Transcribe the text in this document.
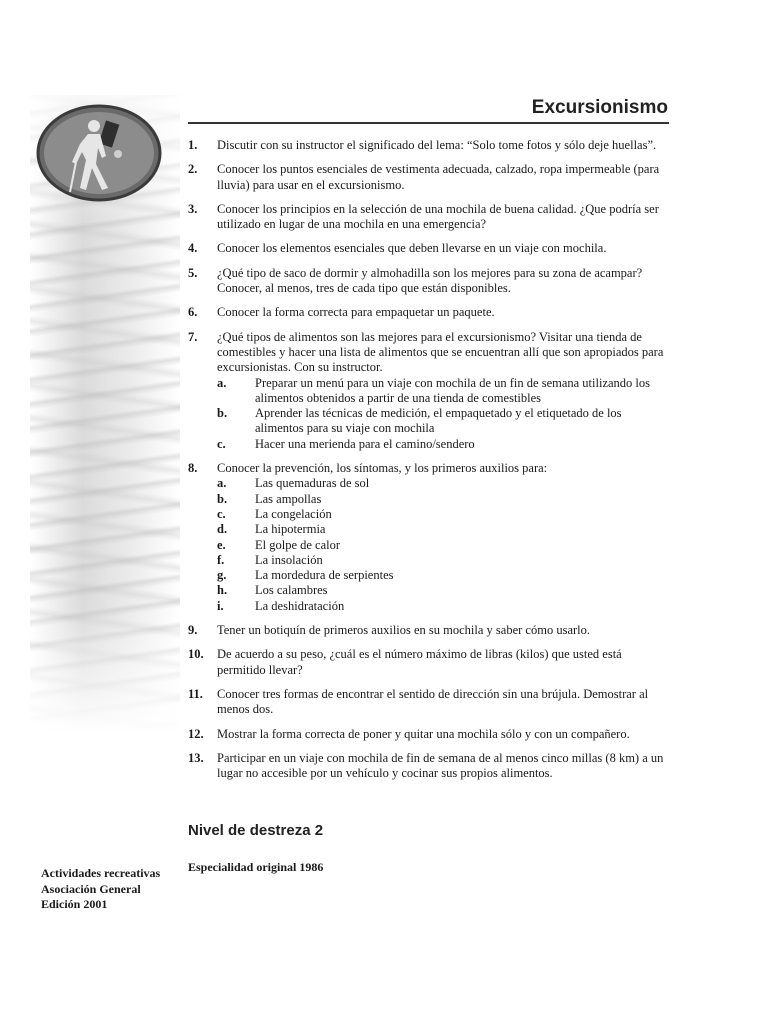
Excursionismo
1.	Discutir con su instructor el significado del lema: “Solo tome fotos y sólo deje huellas”.
2.	Conocer los puntos esenciales de vestimenta adecuada, calzado, ropa impermeable (para lluvia) para usar en el excursionismo.
3.	Conocer los principios en la selección de una mochila de buena calidad. ¿Que podría ser utilizado en lugar de una mochila en una emergencia?
4.	Conocer los elementos esenciales que deben llevarse en un viaje con mochila.
5.	¿Qué tipo de saco de dormir y almohadilla son los mejores para su zona de acampar? Conocer, al menos, tres de cada tipo que están disponibles.
6.	Conocer la forma correcta para empaquetar un paquete.
7.	¿Qué tipos de alimentos son las mejores para el excursionismo? Visitar una tienda de comestibles y hacer una lista de alimentos que se encuentran allí que son apropiados para excursionistas. Con su instructor.
a.	Preparar un menú para un viaje con mochila de un fin de semana utilizando los alimentos obtenidos a partir de una tienda de comestibles
b.	Aprender las técnicas de medición, el empaquetado y el etiquetado de los alimentos para su viaje con mochila
c.	Hacer una merienda para el camino/sendero
8.	Conocer la prevención, los síntomas, y los primeros auxilios para:
a.	Las quemaduras de sol
b.	Las ampollas
c.	La congelación
d.	La hipotermia
e.	El golpe de calor
f.	La insolación
g.	La mordedura de serpientes
h.	Los calambres
i.	La deshidratación
9.	Tener un botiquín de primeros auxilios en su mochila y saber cómo usarlo.
10.	De acuerdo a su peso, ¿cuál es el número máximo de libras (kilos) que usted está permitido llevar?
11.	Conocer tres formas de encontrar el sentido de dirección sin una brújula. Demostrar al menos dos.
12.	Mostrar la forma correcta de poner y quitar una mochila sólo y con un compañero.
13.	Participar en un viaje con mochila de fin de semana de al menos cinco millas (8 km) a un lugar no accesible por un vehículo y cocinar sus propios alimentos.
Nivel de destreza 2
Especialidad original 1986
Actividades recreativas
Asociación General
Edición 2001
